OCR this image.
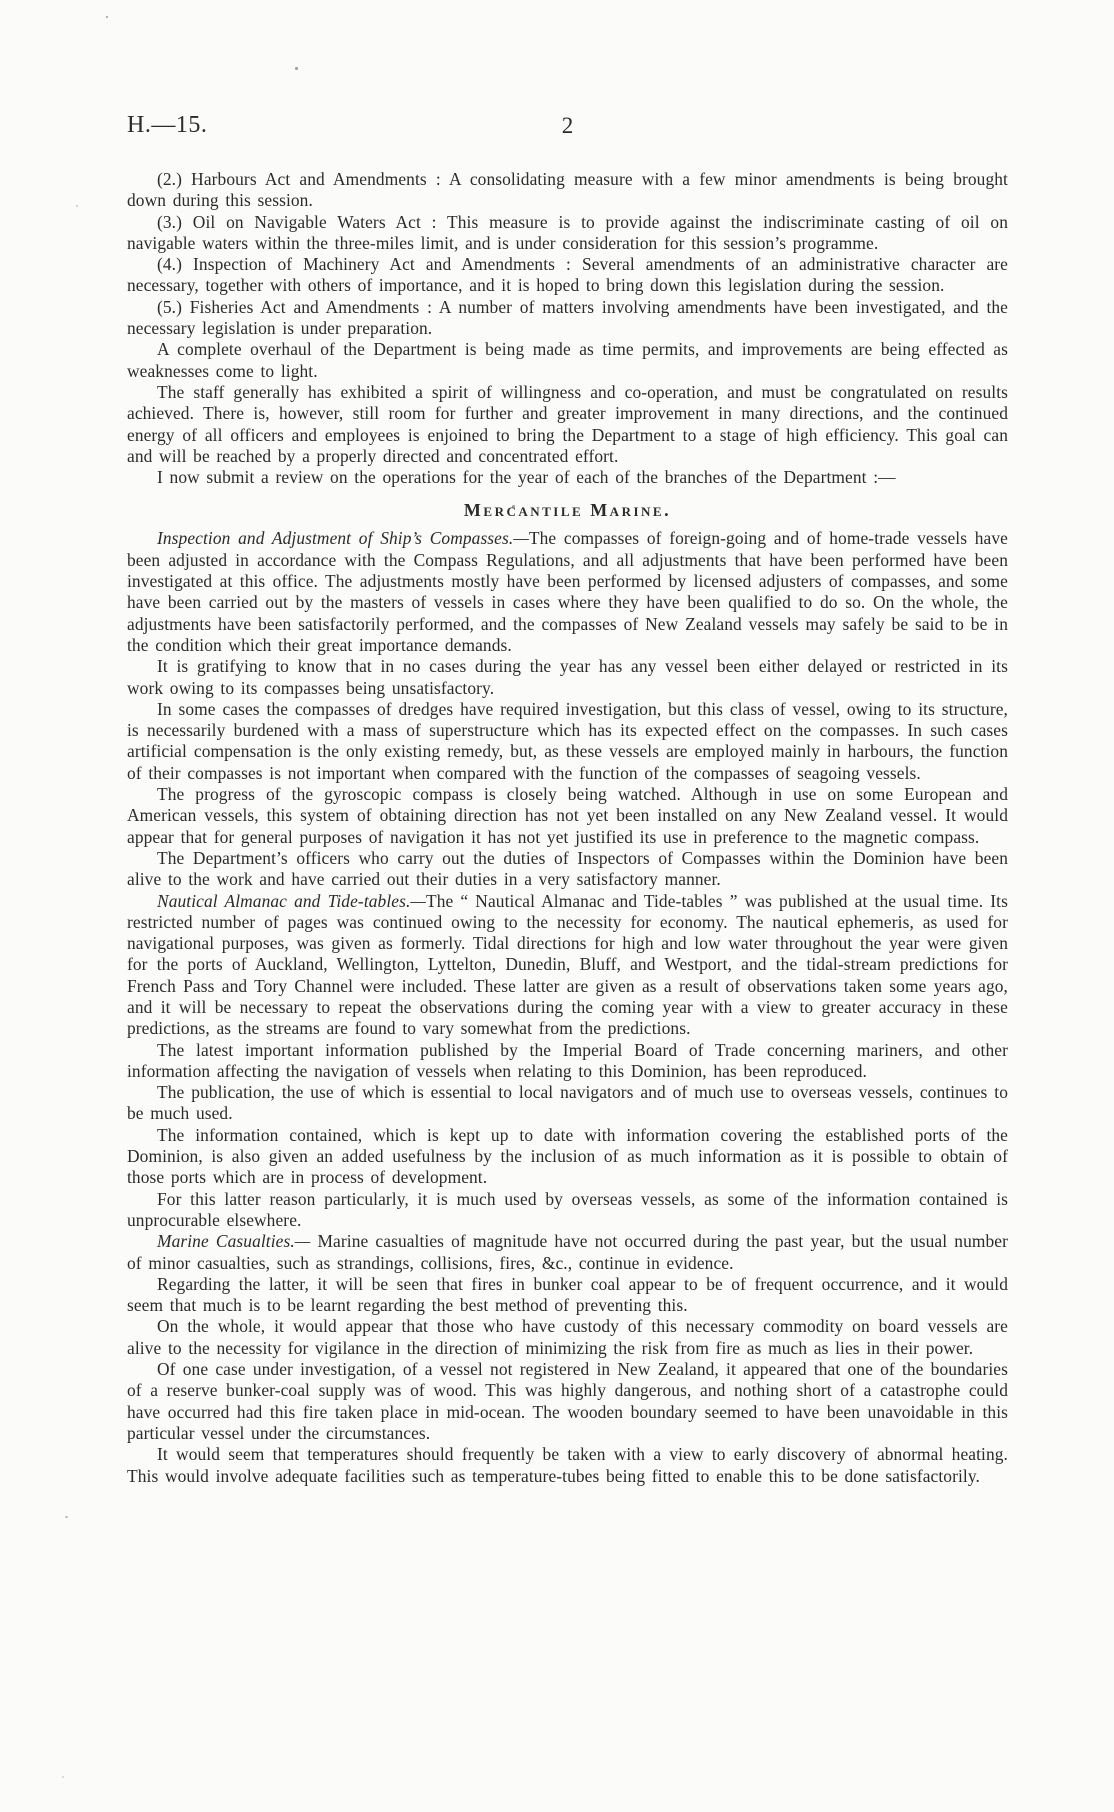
H.—15.	2

(2.) Harbours Act and Amendments : A consolidating measure with a few minor amendments is being brought down during this session.

(3.) Oil on Navigable Waters Act : This measure is to provide against the indiscriminate casting of oil on navigable waters within the three-miles limit, and is under consideration for this session’s programme.

(4.) Inspection of Machinery Act and Amendments : Several amendments of an administrative character are necessary, together with others of importance, and it is hoped to bring down this legislation during the session.

(5.) Fisheries Act and Amendments : A number of matters involving amendments have been investigated, and the necessary legislation is under preparation.

A complete overhaul of the Department is being made as time permits, and improvements are being effected as weaknesses come to light.

The staff generally has exhibited a spirit of willingness and co-operation, and must be congratulated on results achieved. There is, however, still room for further and greater improvement in many directions, and the continued energy of all officers and employees is enjoined to bring the Department to a stage of high efficiency. This goal can and will be reached by a properly directed and concentrated effort.

I now submit a review on the operations for the year of each of the branches of the Department :—

Mercantile Marine.

Inspection and Adjustment of Ship’s Compasses.—The compasses of foreign-going and of home-trade vessels have been adjusted in accordance with the Compass Regulations, and all adjustments that have been performed have been investigated at this office. The adjustments mostly have been performed by licensed adjusters of compasses, and some have been carried out by the masters of vessels in cases where they have been qualified to do so. On the whole, the adjustments have been satisfactorily performed, and the compasses of New Zealand vessels may safely be said to be in the condition which their great importance demands.

It is gratifying to know that in no cases during the year has any vessel been either delayed or restricted in its work owing to its compasses being unsatisfactory.

In some cases the compasses of dredges have required investigation, but this class of vessel, owing to its structure, is necessarily burdened with a mass of superstructure which has its expected effect on the compasses. In such cases artificial compensation is the only existing remedy, but, as these vessels are employed mainly in harbours, the function of their compasses is not important when compared with the function of the compasses of seagoing vessels.

The progress of the gyroscopic compass is closely being watched. Although in use on some European and American vessels, this system of obtaining direction has not yet been installed on any New Zealand vessel. It would appear that for general purposes of navigation it has not yet justified its use in preference to the magnetic compass.

The Department’s officers who carry out the duties of Inspectors of Compasses within the Dominion have been alive to the work and have carried out their duties in a very satisfactory manner.

Nautical Almanac and Tide-tables.—The “ Nautical Almanac and Tide-tables ” was published at the usual time. Its restricted number of pages was continued owing to the necessity for economy. The nautical ephemeris, as used for navigational purposes, was given as formerly. Tidal directions for high and low water throughout the year were given for the ports of Auckland, Wellington, Lyttelton, Dunedin, Bluff, and Westport, and the tidal-stream predictions for French Pass and Tory Channel were included. These latter are given as a result of observations taken some years ago, and it will be necessary to repeat the observations during the coming year with a view to greater accuracy in these predictions, as the streams are found to vary somewhat from the predictions.

The latest important information published by the Imperial Board of Trade concerning mariners, and other information affecting the navigation of vessels when relating to this Dominion, has been reproduced.

The publication, the use of which is essential to local navigators and of much use to overseas vessels, continues to be much used.

The information contained, which is kept up to date with information covering the established ports of the Dominion, is also given an added usefulness by the inclusion of as much information as it is possible to obtain of those ports which are in process of development.

For this latter reason particularly, it is much used by overseas vessels, as some of the information contained is unprocurable elsewhere.

Marine Casualties.— Marine casualties of magnitude have not occurred during the past year, but the usual number of minor casualties, such as strandings, collisions, fires, &c., continue in evidence.

Regarding the latter, it will be seen that fires in bunker coal appear to be of frequent occurrence, and it would seem that much is to be learnt regarding the best method of preventing this.

On the whole, it would appear that those who have custody of this necessary commodity on board vessels are alive to the necessity for vigilance in the direction of minimizing the risk from fire as much as lies in their power.

Of one case under investigation, of a vessel not registered in New Zealand, it appeared that one of the boundaries of a reserve bunker-coal supply was of wood. This was highly dangerous, and nothing short of a catastrophe could have occurred had this fire taken place in mid-ocean. The wooden boundary seemed to have been unavoidable in this particular vessel under the circumstances.

It would seem that temperatures should frequently be taken with a view to early discovery of abnormal heating. This would involve adequate facilities such as temperature-tubes being fitted to enable this to be done satisfactorily.
